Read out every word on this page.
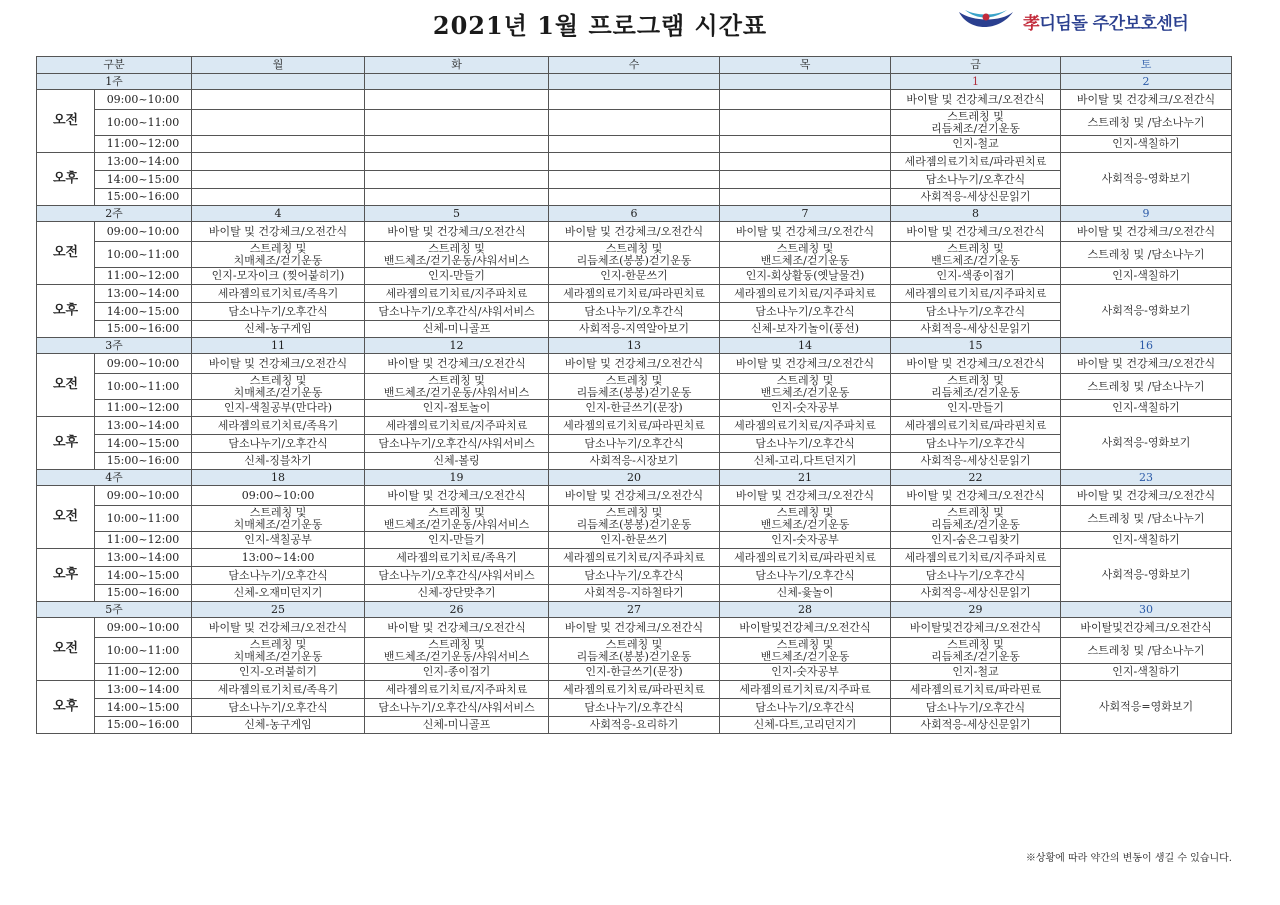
2021년 1월 프로그램 시간표	孝디딤돌 주간보호센터
구분		월	화	수	목	금	토
1주						1	2
오전	09:00~10:00					바이탈 및 건강체크/오전간식	바이탈 및 건강체크/오전간식
	10:00~11:00					스트레칭 및
리듬체조/걷기운동	스트레칭 및 /담소나누기
	11:00~12:00					인지-철교	인지-색칠하기
오후	13:00~14:00					세라젬의료기치료/파라핀치료	사회적응-영화보기
	14:00~15:00					담소나누기/오후간식	
	15:00~16:00					사회적응-세상신문읽기	
2주		4	5	6	7	8	9
오전	09:00~10:00	바이탈 및 건강체크/오전간식	바이탈 및 건강체크/오전간식	바이탈 및 건강체크/오전간식	바이탈 및 건강체크/오전간식	바이탈 및 건강체크/오전간식	바이탈 및 건강체크/오전간식
	10:00~11:00	스트레칭 및
치매체조/걷기운동	스트레칭 및
밴드체조/걷기운동/샤워서비스	스트레칭 및
리듬체조(봉봉)걷기운동	스트레칭 및
밴드체조/걷기운동	스트레칭 및
밴드체조/걷기운동	스트레칭 및 /담소나누기
	11:00~12:00	인지-모자이크 (찢어붙히기)	인지-만들기	인지-한문쓰기	인지-회상활동(옛날물건)	인지-색종이접기	인지-색칠하기
오후	13:00~14:00	세라젬의료기치료/족욕기	세라젬의료기치료/지주파치료	세라젬의료기치료/파라핀치료	세라젬의료기치료/지주파치료	세라젬의료기치료/지주파치료	사회적응-영화보기
	14:00~15:00	담소나누기/오후간식	담소나누기/오후간식/샤워서비스	담소나누기/오후간식	담소나누기/오후간식	담소나누기/오후간식	
	15:00~16:00	신체-농구게임	신체-미니골프	사회적응-지역알아보기	신체-보자기놀이(풍선)	사회적응-세상신문읽기	
3주		11	12	13	14	15	16
오전	09:00~10:00	바이탈 및 건강체크/오전간식	바이탈 및 건강체크/오전간식	바이탈 및 건강체크/오전간식	바이탈 및 건강체크/오전간식	바이탈 및 건강체크/오전간식	바이탈 및 건강체크/오전간식
	10:00~11:00	스트레칭 및
치매체조/걷기운동	스트레칭 및
밴드체조/걷기운동/샤워서비스	스트레칭 및
리듬체조(봉봉)걷기운동	스트레칭 및
밴드체조/걷기운동	스트레칭 및
리듬체조/걷기운동	스트레칭 및 /담소나누기
	11:00~12:00	인지-색칠공부(만다라)	인지-점토놀이	인지-한글쓰기(문장)	인지-숫자공부	인지-만들기	인지-색칠하기
오후	13:00~14:00	세라젬의료기치료/족욕기	세라젬의료기치료/지주파치료	세라젬의료기치료/파라핀치료	세라젬의료기치료/지주파치료	세라젬의료기치료/파라핀치료	사회적응-영화보기
	14:00~15:00	담소나누기/오후간식	담소나누기/오후간식/샤워서비스	담소나누기/오후간식	담소나누기/오후간식	담소나누기/오후간식	
	15:00~16:00	신체-징블차기	신체-볼링	사회적응-시장보기	신체-고리,다트던지기	사회적응-세상신문읽기	
4주		18	19	20	21	22	23
오전	09:00~10:00	09:00~10:00	바이탈 및 건강체크/오전간식	바이탈 및 건강체크/오전간식	바이탈 및 건강체크/오전간식	바이탈 및 건강체크/오전간식	바이탈 및 건강체크/오전간식
	10:00~11:00	스트레칭 및
치매체조/걷기운동	스트레칭 및
밴드체조/걷기운동/샤워서비스	스트레칭 및
리듬체조(봉봉)걷기운동	스트레칭 및
밴드체조/걷기운동	스트레칭 및
리듬체조/걷기운동	스트레칭 및 /담소나누기
	11:00~12:00	인지-색칠공부	인지-만들기	인지-한문쓰기	인지-숫자공부	인지-숨은그림찾기	인지-색칠하기
오후	13:00~14:00	13:00~14:00	세라젬의료기치료/족욕기	세라젬의료기치료/지주파치료	세라젬의료기치료/파라핀치료	세라젬의료기치료/지주파치료	사회적응-영화보기
	14:00~15:00	담소나누기/오후간식	담소나누기/오후간식/샤워서비스	담소나누기/오후간식	담소나누기/오후간식	담소나누기/오후간식	
	15:00~16:00	신체-오재미던지기	신체-장단맞추기	사회적응-지하철타기	신체-윷놀이	사회적응-세상신문읽기	
5주		25	26	27	28	29	30
오전	09:00~10:00	바이탈 및 건강체크/오전간식	바이탈 및 건강체크/오전간식	바이탈 및 건강체크/오전간식	바이탈및건강체크/오전간식	바이탈및건강체크/오전간식	바이탈및건강체크/오전간식
	10:00~11:00	스트레칭 및
치매체조/걷기운동	스트레칭 및
밴드체조/걷기운동/샤워서비스	스트레칭 및
리듬체조(봉봉)걷기운동	스트레칭 및
밴드체조/걷기운동	스트레칭 및
리듬체조/걷기운동	스트레칭 및 /담소나누기
	11:00~12:00	인지-오려붙히기	인지-종이접기	인지-한글쓰기(문장)	인지-숫자공부	인지-철교	인지-색칠하기
오후	13:00~14:00	세라젬의료기치료/족욕기	세라젬의료기치료/지주파치료	세라젬의료기치료/파라핀치료	세라젬의료기치료/지주파료	세라젬의료기치료/파라핀료	사회적응=영화보기
	14:00~15:00	담소나누기/오후간식	담소나누기/오후간식/샤워서비스	담소나누기/오후간식	담소나누기/오후간식	담소나누기/오후간식	
	15:00~16:00	신체-농구게임	신체-미니골프	사회적응-요리하기	신체-다트,고리던지기	사회적응-세상신문읽기	
※상황에 따라 약간의 변동이 생길 수 있습니다.
